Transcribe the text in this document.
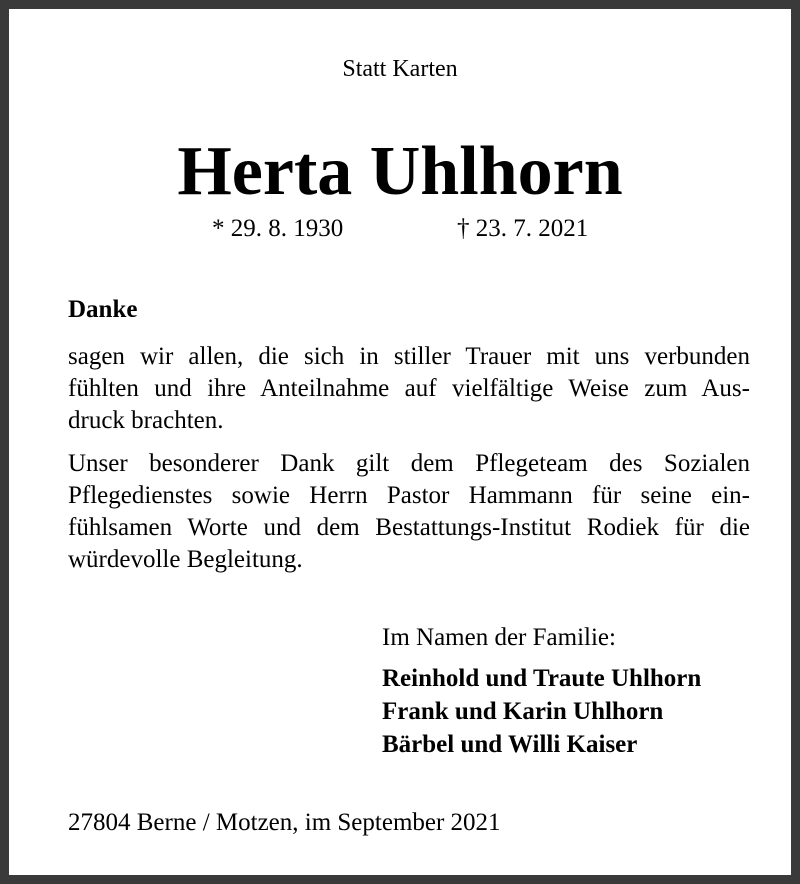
Statt Karten
Herta Uhlhorn
* 29. 8. 1930	† 23. 7. 2021
Danke
sagen wir allen, die sich in stiller Trauer mit uns verbunden
fühlten und ihre Anteilnahme auf vielfältige Weise zum Aus-
druck brachten.
Unser besonderer Dank gilt dem Pflegeteam des Sozialen
Pflegedienstes sowie Herrn Pastor Hammann für seine ein-
fühlsamen Worte und dem Bestattungs-Institut Rodiek für die
würdevolle Begleitung.
Im Namen der Familie:
Reinhold und Traute Uhlhorn
Frank und Karin Uhlhorn
Bärbel und Willi Kaiser
27804 Berne / Motzen, im September 2021
